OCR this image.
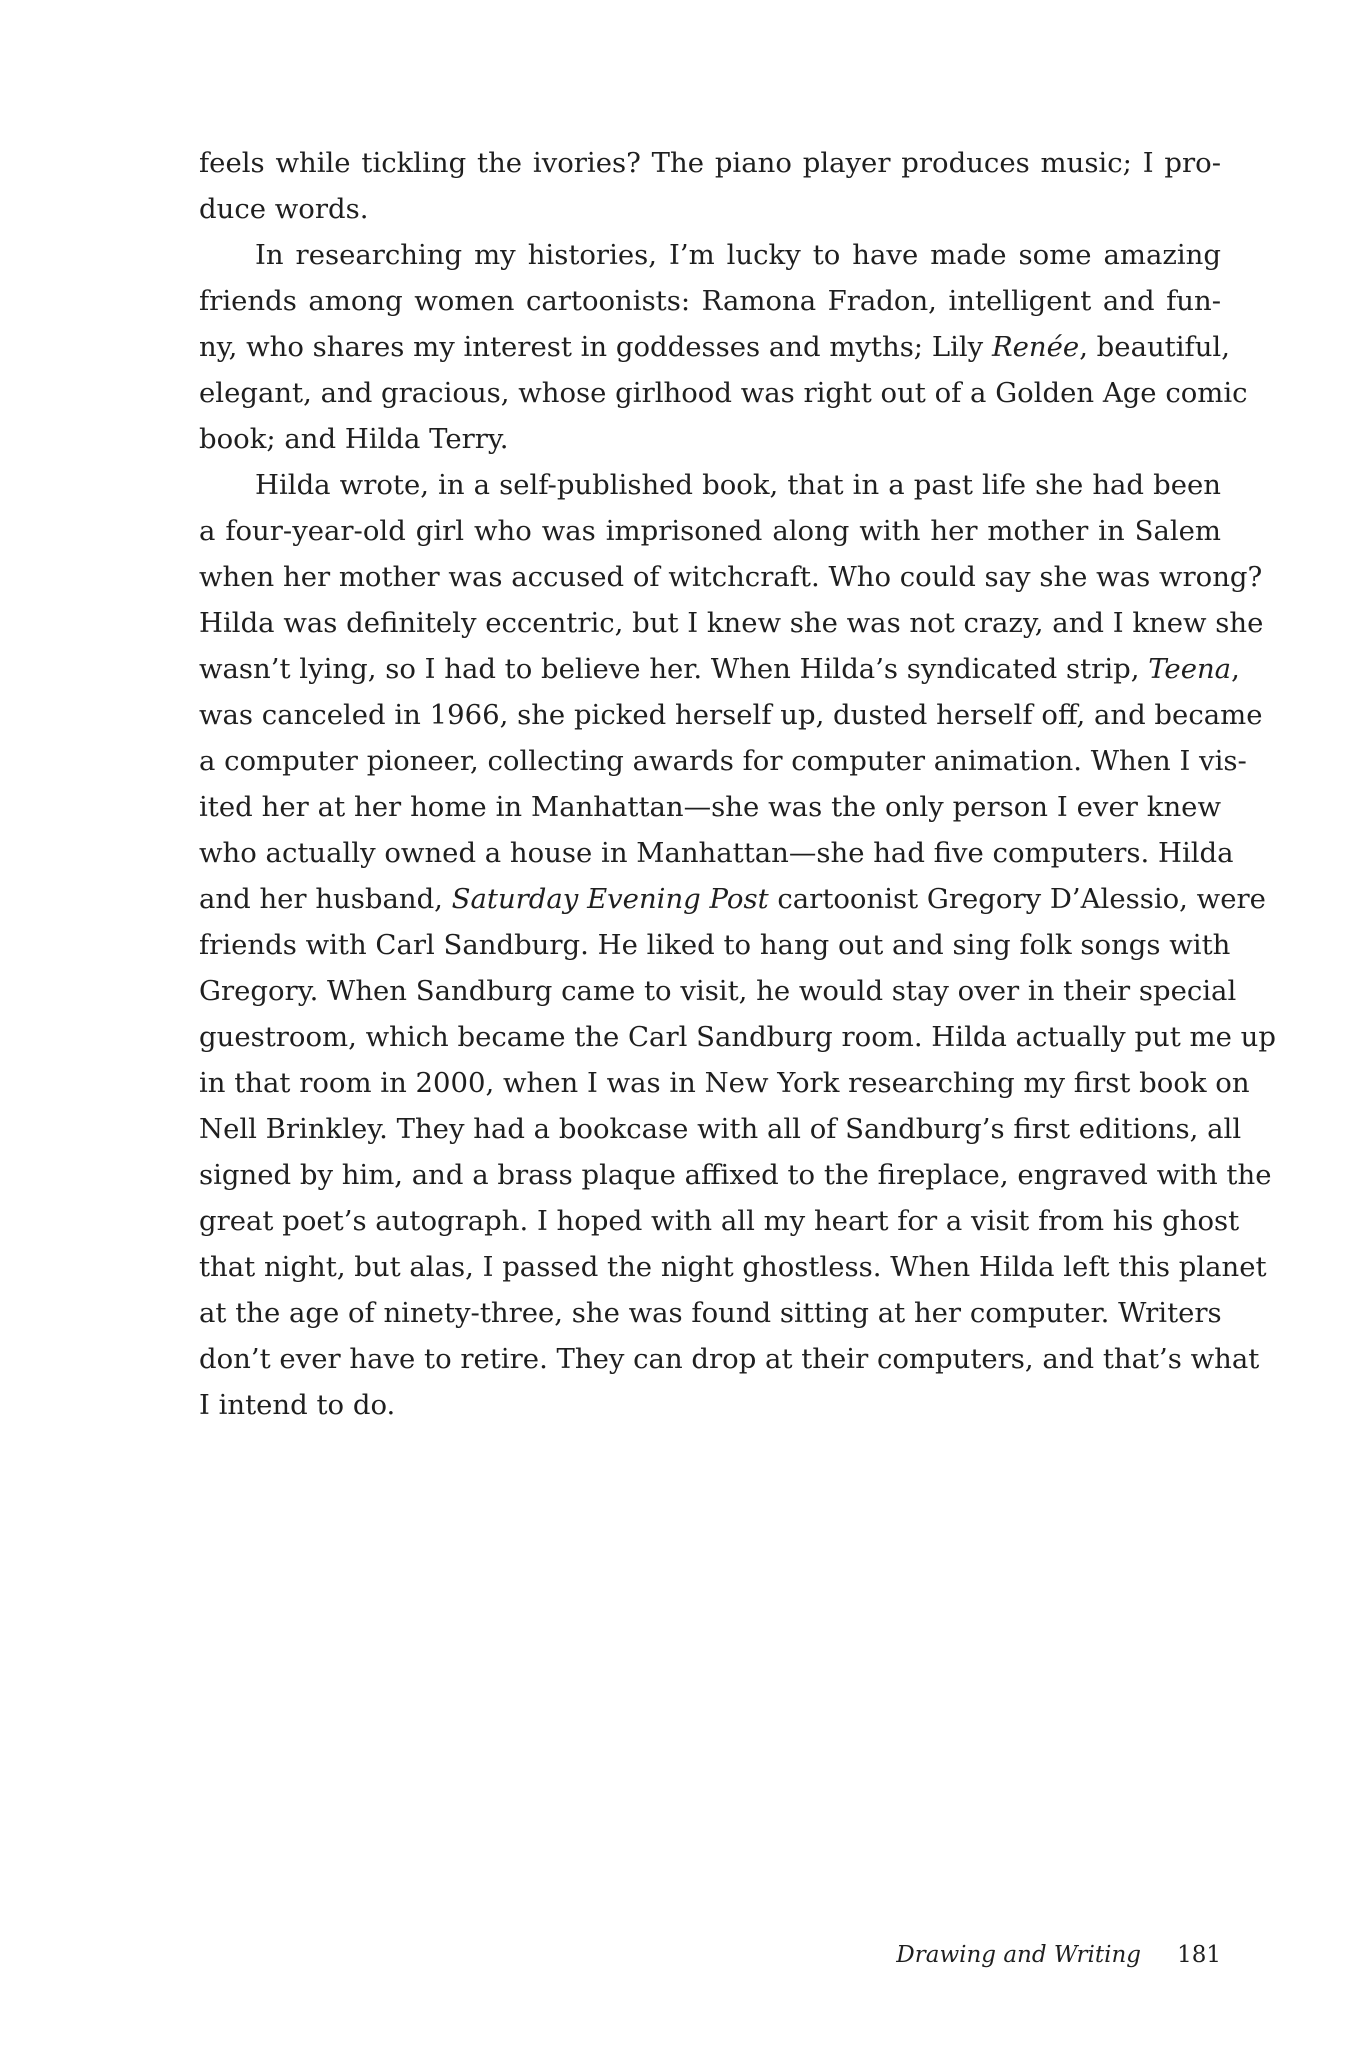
feels while tickling the ivories? The piano player produces music; I pro-
duce words.
In researching my histories, I’m lucky to have made some amazing
friends among women cartoonists: Ramona Fradon, intelligent and fun-
ny, who shares my interest in goddesses and myths; Lily Renée, beautiful,
elegant, and gracious, whose girlhood was right out of a Golden Age comic
book; and Hilda Terry.
Hilda wrote, in a self-published book, that in a past life she had been
a four-year-old girl who was imprisoned along with her mother in Salem
when her mother was accused of witchcraft. Who could say she was wrong?
Hilda was definitely eccentric, but I knew she was not crazy, and I knew she
wasn’t lying, so I had to believe her. When Hilda’s syndicated strip, Teena,
was canceled in 1966, she picked herself up, dusted herself off, and became
a computer pioneer, collecting awards for computer animation. When I vis-
ited her at her home in Manhattan—she was the only person I ever knew
who actually owned a house in Manhattan—she had five computers. Hilda
and her husband, Saturday Evening Post cartoonist Gregory D’Alessio, were
friends with Carl Sandburg. He liked to hang out and sing folk songs with
Gregory. When Sandburg came to visit, he would stay over in their special
guestroom, which became the Carl Sandburg room. Hilda actually put me up
in that room in 2000, when I was in New York researching my first book on
Nell Brinkley. They had a bookcase with all of Sandburg’s first editions, all
signed by him, and a brass plaque affixed to the fireplace, engraved with the
great poet’s autograph. I hoped with all my heart for a visit from his ghost
that night, but alas, I passed the night ghostless. When Hilda left this planet
at the age of ninety-three, she was found sitting at her computer. Writers
don’t ever have to retire. They can drop at their computers, and that’s what
I intend to do.
Drawing and Writing 181
